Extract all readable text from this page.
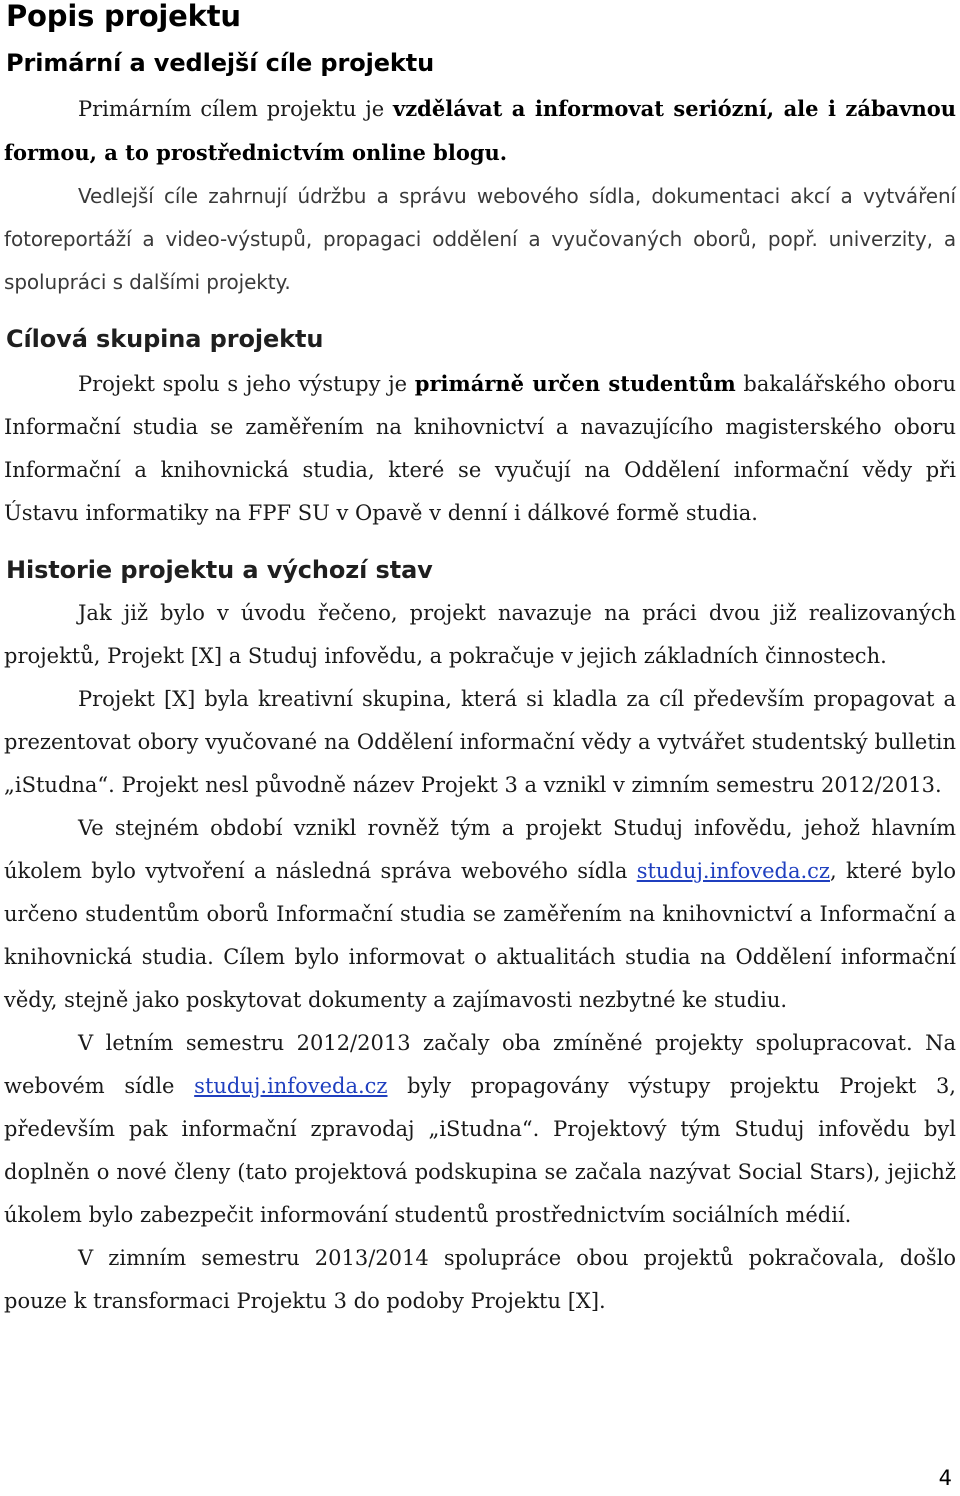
Popis projektu
Primární a vedlejší cíle projektu

Primárním cílem projektu je vzdělávat a informovat seriózní, ale i zábavnou formou, a to prostřednictvím online blogu.

Vedlejší cíle zahrnují údržbu a správu webového sídla, dokumentaci akcí a vytváření fotoreportáží a video-výstupů, propagaci oddělení a vyučovaných oborů, popř. univerzity, a spolupráci s dalšími projekty.

Cílová skupina projektu

Projekt spolu s jeho výstupy je primárně určen studentům bakalářského oboru Informační studia se zaměřením na knihovnictví a navazujícího magisterského oboru Informační a knihovnická studia, které se vyučují na Oddělení informační vědy při Ústavu informatiky na FPF SU v Opavě v denní i dálkové formě studia.

Historie projektu a výchozí stav

Jak již bylo v úvodu řečeno, projekt navazuje na práci dvou již realizovaných projektů, Projekt [X] a Studuj infovědu, a pokračuje v jejich základních činnostech.

Projekt [X] byla kreativní skupina, která si kladla za cíl především propagovat a prezentovat obory vyučované na Oddělení informační vědy a vytvářet studentský bulletin „iStudna“. Projekt nesl původně název Projekt 3 a vznikl v zimním semestru 2012/2013.

Ve stejném období vznikl rovněž tým a projekt Studuj infovědu, jehož hlavním úkolem bylo vytvoření a následná správa webového sídla studuj.infoveda.cz, které bylo určeno studentům oborů Informační studia se zaměřením na knihovnictví a Informační a knihovnická studia. Cílem bylo informovat o aktualitách studia na Oddělení informační vědy, stejně jako poskytovat dokumenty a zajímavosti nezbytné ke studiu.

V letním semestru 2012/2013 začaly oba zmíněné projekty spolupracovat. Na webovém sídle studuj.infoveda.cz byly propagovány výstupy projektu Projekt 3, především pak informační zpravodaj „iStudna“. Projektový tým Studuj infovědu byl doplněn o nové členy (tato projektová podskupina se začala nazývat Social Stars), jejichž úkolem bylo zabezpečit informování studentů prostřednictvím sociálních médií.

V zimním semestru 2013/2014 spolupráce obou projektů pokračovala, došlo pouze k transformaci Projektu 3 do podoby Projektu [X].

4
